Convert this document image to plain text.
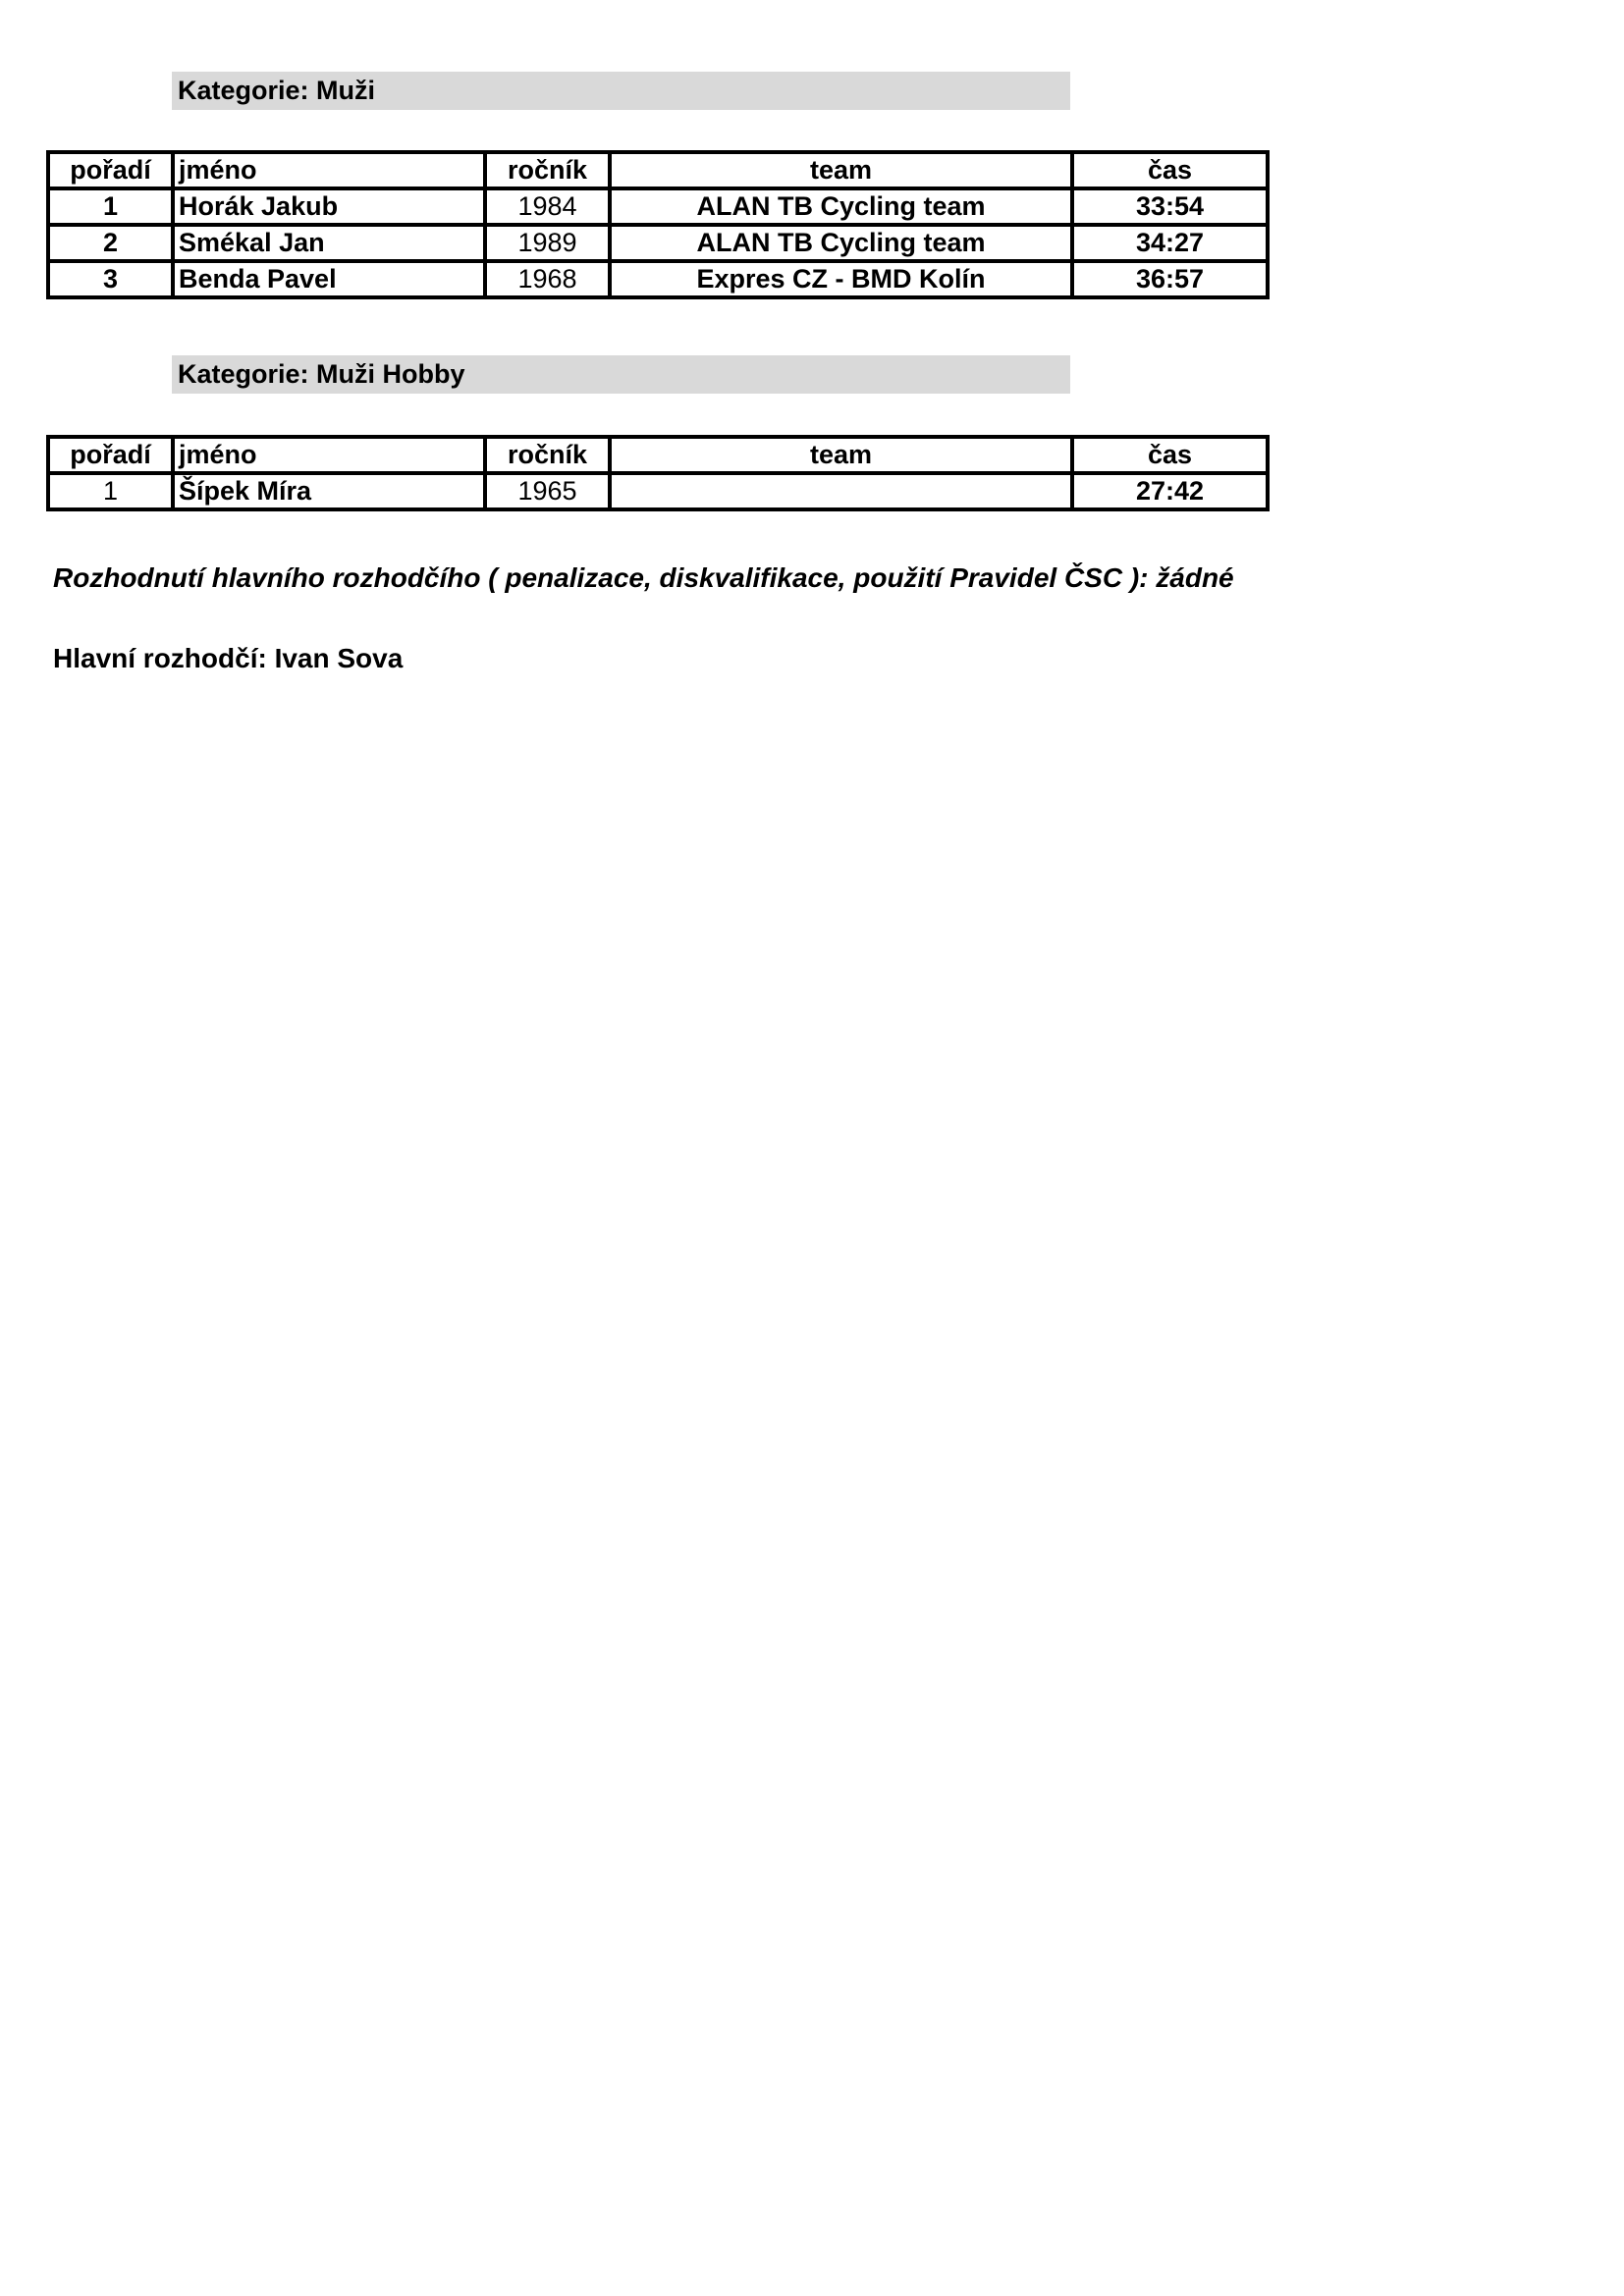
Kategorie: Muži
pořadí	jméno	ročník	team	čas
1	Horák Jakub	1984	ALAN TB Cycling team	33:54
2	Smékal Jan	1989	ALAN TB Cycling team	34:27
3	Benda Pavel	1968	Expres CZ - BMD Kolín	36:57
Kategorie: Muži Hobby
pořadí	jméno	ročník	team	čas
1	Šípek Míra	1965		27:42
Rozhodnutí hlavního rozhodčího ( penalizace, diskvalifikace, použití Pravidel ČSC ): žádné
Hlavní rozhodčí: Ivan Sova
